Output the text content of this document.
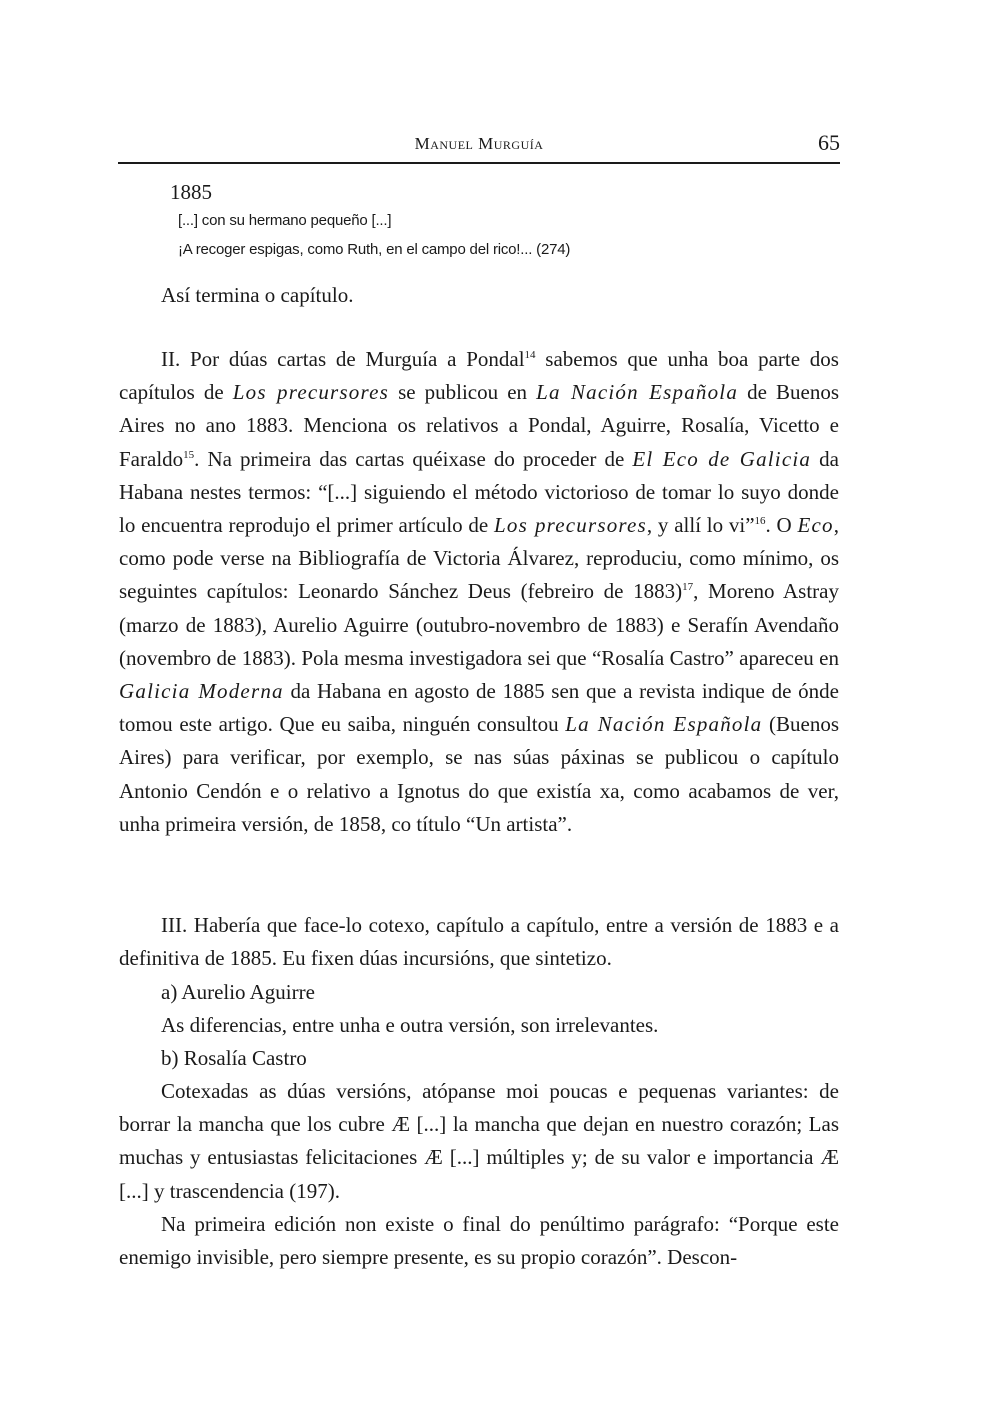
Manuel Murguía	65
1885
[...] con su hermano pequeño [...]
¡A recoger espigas, como Ruth, en el campo del rico!... (274)
Así termina o capítulo.

II. Por dúas cartas de Murguía a Pondal$^{14}$ sabemos que unha boa parte dos capítulos de Los precursores se publicou en La Nación Española de Buenos Aires no ano 1883. Menciona os relativos a Pondal, Aguirre, Rosalía, Vicetto e Faraldo$^{15}$. Na primeira das cartas quéixase do proceder de El Eco de Galicia da Habana nestes termos: “[...] siguiendo el método victorioso de tomar lo suyo donde lo encuentra reprodujo el primer artículo de Los precursores, y allí lo vi”$^{16}$. O Eco, como pode verse na Bibliografía de Victoria Álvarez, reproduciu, como mínimo, os seguintes capítulos: Leonardo Sánchez Deus (febreiro de 1883)$^{17}$, Moreno Astray (marzo de 1883), Aurelio Aguirre (outubro-novembro de 1883) e Serafín Avendaño (novembro de 1883). Pola mesma investigadora sei que “Rosalía Castro” apareceu en Galicia Moderna da Habana en agosto de 1885 sen que a revista indique de ónde tomou este artigo. Que eu saiba, ninguén consultou La Nación Española (Buenos Aires) para verificar, por exemplo, se nas súas páxinas se publicou o capítulo Antonio Cendón e o relativo a Ignotus do que existía xa, como acabamos de ver, unha primeira versión, de 1858, co título “Un artista”.

III. Habería que face-lo cotexo, capítulo a capítulo, entre a versión de 1883 e a definitiva de 1885. Eu fixen dúas incursións, que sintetizo.

a) Aurelio Aguirre
As diferencias, entre unha e outra versión, son irrelevantes.
b) Rosalía Castro

Cotexadas as dúas versións, atópanse moi poucas e pequenas variantes: de borrar la mancha que los cubre Æ [...] la mancha que dejan en nuestro corazón; Las muchas y entusiastas felicitaciones Æ [...] múltiples y; de su valor e importancia Æ [...] y trascendencia (197).

Na primeira edición non existe o final do penúltimo parágrafo: “Porque este enemigo invisible, pero siempre presente, es su propio corazón”. Descon-
